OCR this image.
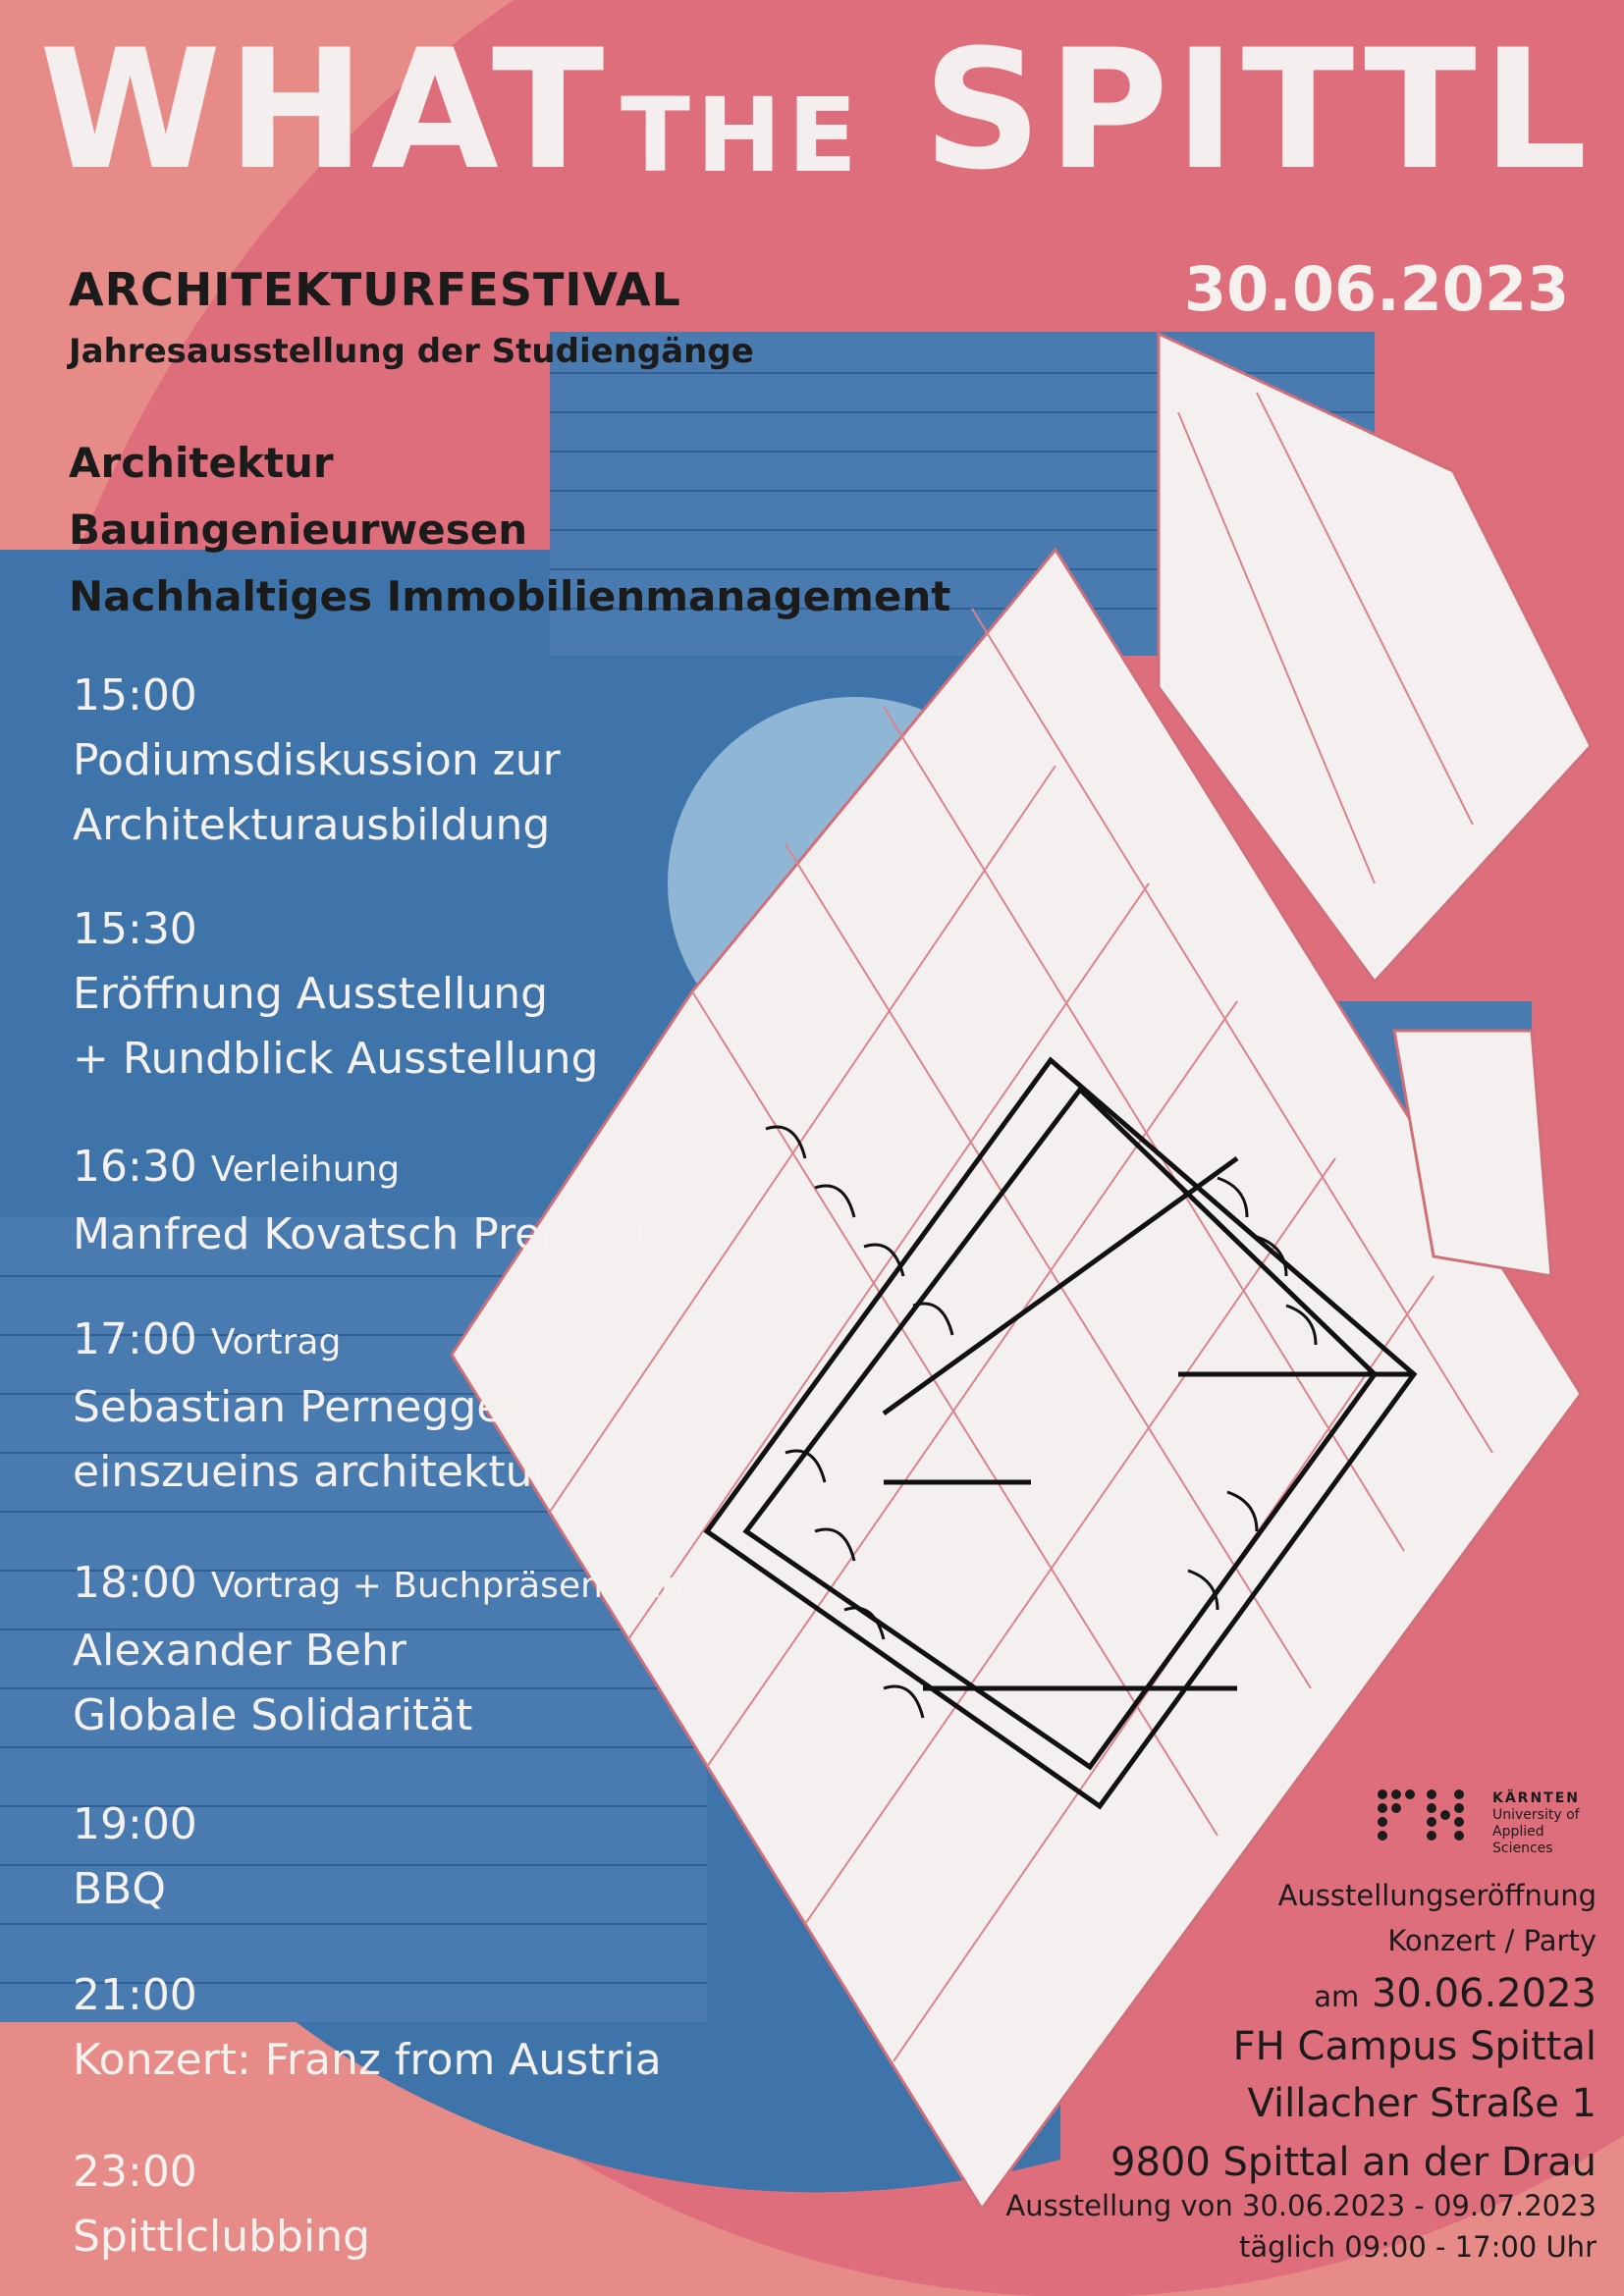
WHAT THE SPITTL
ARCHITEKTURFESTIVAL
Jahresausstellung der Studiengänge
30.06.2023
Architektur
Bauingenieurwesen
Nachhaltiges Immobilienmanagement
15:00
Podiumsdiskussion zur
Architekturausbildung
15:30
Eröffnung Ausstellung
+ Rundblick Ausstellung
16:30 Verleihung
Manfred Kovatsch Preis 2023
17:00 Vortrag
Sebastian Pernegger
einszueins architektur
18:00 Vortrag + Buchpräsentation
Alexander Behr
Globale Solidarität
19:00
BBQ
21:00
Konzert: Franz from Austria
23:00
Spittlclubbing
KÄRNTEN
University of
Applied Sciences
Ausstellungseröffnung
Konzert / Party
am 30.06.2023
FH Campus Spittal
Villacher Straße 1
9800 Spittal an der Drau
Ausstellung von 30.06.2023 - 09.07.2023
täglich 09:00 - 17:00 Uhr
